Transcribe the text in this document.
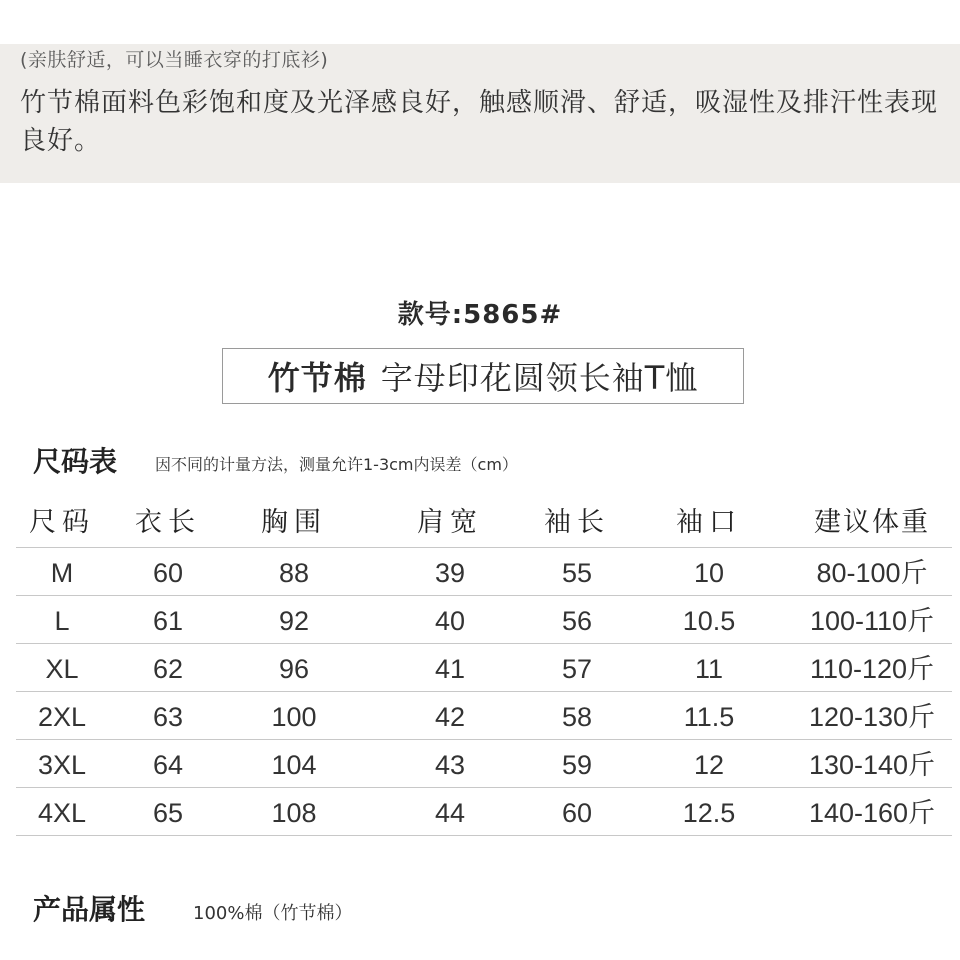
(亲肤舒适，可以当睡衣穿的打底衫)
竹节棉面料色彩饱和度及光泽感良好，触感顺滑、舒适，吸湿性及排汗性表现良好。
款号:5865#
竹节棉 字母印花圆领长袖T恤
尺码表 因不同的计量方法，测量允许1-3cm内误差（cm）
尺码	衣长	胸围	肩宽	袖长	袖口	建议体重
M	60	88	39	55	10	80-100斤
L	61	92	40	56	10.5	100-110斤
XL	62	96	41	57	11	110-120斤
2XL	63	100	42	58	11.5	120-130斤
3XL	64	104	43	59	12	130-140斤
4XL	65	108	44	60	12.5	140-160斤
产品属性	100%棉（竹节棉）
